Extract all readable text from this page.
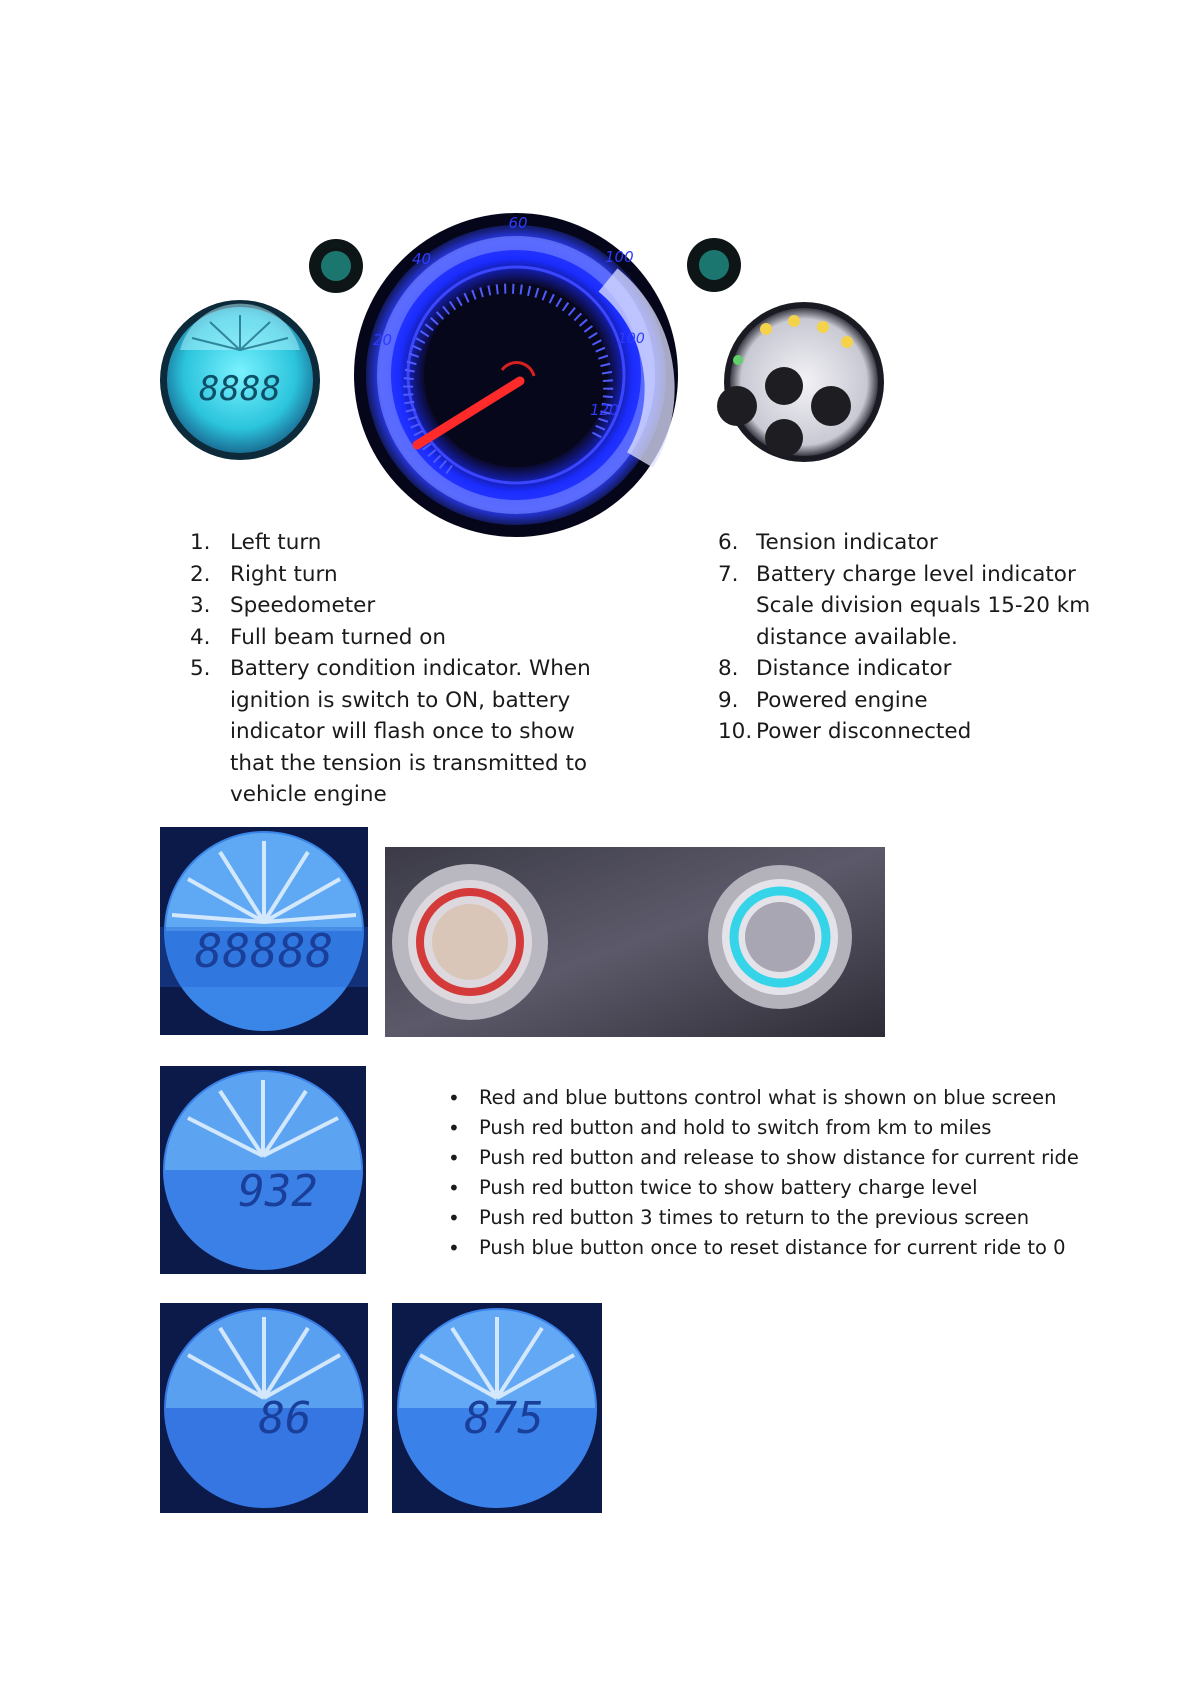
8888
60
40
20
100
100
120
1. Left turn
2. Right turn
3. Speedometer
4. Full beam turned on
5. Battery condition indicator. When
ignition is switch to ON, battery
indicator will flash once to show
that the tension is transmitted to
vehicle engine
6. Tension indicator
7. Battery charge level indicator
Scale division equals 15-20 km
distance available.
8. Distance indicator
9. Powered engine
10. Power disconnected
88888
932
• Red and blue buttons control what is shown on blue screen
• Push red button and hold to switch from km to miles
• Push red button and release to show distance for current ride
• Push red button twice to show battery charge level
• Push red button 3 times to return to the previous screen
• Push blue button once to reset distance for current ride to 0
86	875
